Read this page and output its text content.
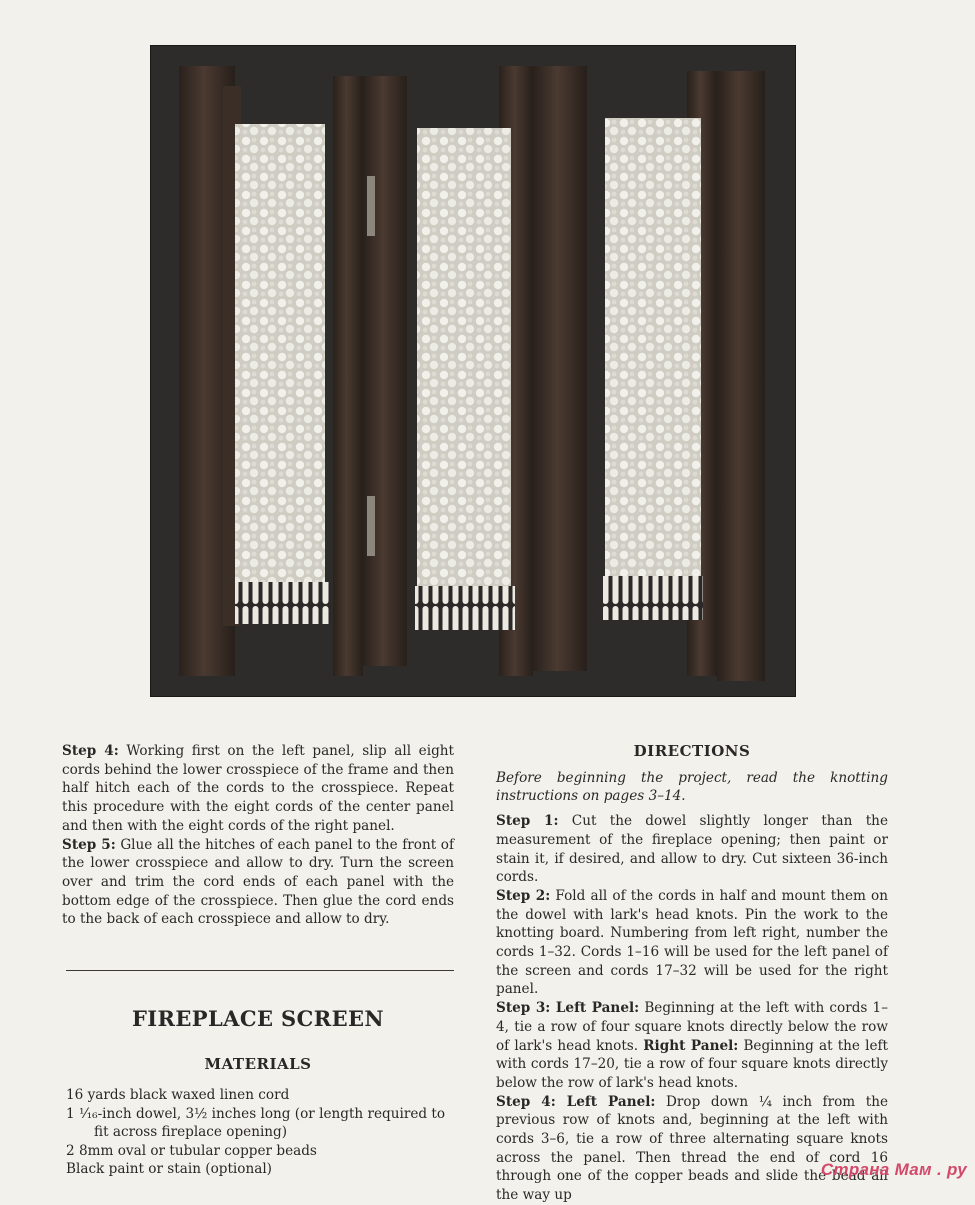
Step 4: Working first on the left panel, slip all eight cords behind the lower crosspiece of the frame and then half hitch each of the cords to the crosspiece. Repeat this procedure with the eight cords of the center panel and then with the eight cords of the right panel.

Step 5: Glue all the hitches of each panel to the front of the lower crosspiece and allow to dry. Turn the screen over and trim the cord ends of each panel with the bottom edge of the crosspiece. Then glue the cord ends to the back of each crosspiece and allow to dry.

FIREPLACE SCREEN
MATERIALS
16 yards black waxed linen cord
1 ¹⁄₁₆-inch dowel, 3½ inches long (or length required to fit across fireplace opening)
2 8mm oval or tubular copper beads
Black paint or stain (optional)
DIRECTIONS

Before beginning the project, read the knotting instructions on pages 3–14.

Step 1: Cut the dowel slightly longer than the measurement of the fireplace opening; then paint or stain it, if desired, and allow to dry. Cut sixteen 36-inch cords.

Step 2: Fold all of the cords in half and mount them on the dowel with lark's head knots. Pin the work to the knotting board. Numbering from left right, number the cords 1–32. Cords 1–16 will be used for the left panel of the screen and cords 17–32 will be used for the right panel.

Step 3: Left Panel: Beginning at the left with cords 1–4, tie a row of four square knots directly below the row of lark's head knots. Right Panel: Beginning at the left with cords 17–20, tie a row of four square knots directly below the row of lark's head knots.

Step 4: Left Panel: Drop down ¼ inch from the previous row of knots and, beginning at the left with cords 3–6, tie a row of three alternating square knots across the panel. Then thread the end of cord 16 through one of the copper beads and slide the bead all the way up

Страна Мам . ру
